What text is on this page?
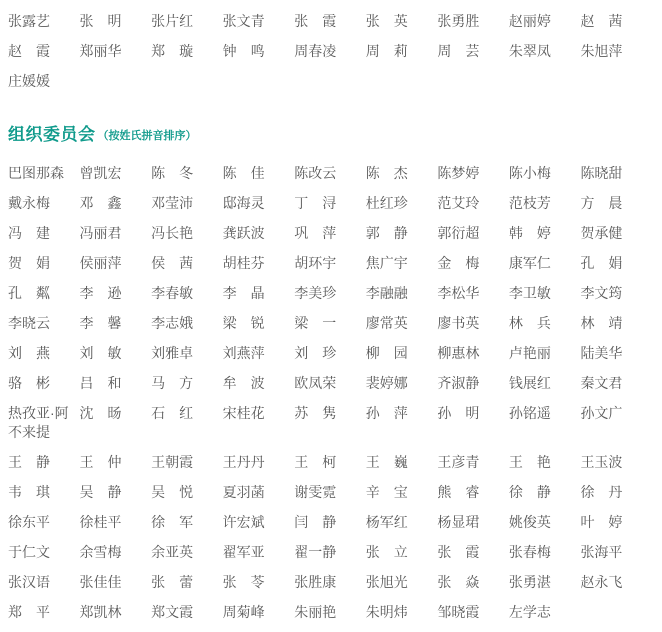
张露艺 张明 张片红 张文青 张霞 张英 张勇胜 赵丽婷 赵茜
赵霞 郑丽华 郑璇 钟鸣 周春凌 周莉 周芸 朱翠凤 朱旭萍
庄媛媛
组织委员会 （按姓氏拼音排序）
巴图那森	曾凯宏 陈冬 陈佳 陈改云 陈杰 陈梦婷 陈小梅 陈晓甜
戴永梅 邓鑫 邓莹沛 邸海灵 丁浔 杜红珍 范艾玲 范枝芳 方晨
冯建 冯丽君 冯长艳 龚跃波 巩萍 郭静 郭衍超 韩婷 贺承健
贺娟 侯丽萍 侯茜 胡桂芬 胡环宇 焦广宇 金梅 康军仁 孔娟
孔粼 李逊 李春敏 李晶 李美珍 李融融 李松华 李卫敏 李文筠
李晓云 李馨 李志娥 梁锐 梁一 廖常英 廖书英 林兵 林靖
刘燕 刘敏 刘雅卓 刘燕萍 刘珍 柳园 柳惠林 卢艳丽 陆美华
骆彬 吕和 马方 牟波 欧凤荣 裴婷娜 齐淑静 钱展红 秦文君
热孜亚·阿不来提
沈旸 石红 宋桂花 苏隽 孙萍 孙明 孙铭遥 孙文广
王静 王仲 王朝霞 王丹丹 王柯 王巍 王彦青 王艳 王玉波
韦琪 吴静 吴悦 夏羽菡 谢雯霓 辛宝 熊睿 徐静 徐丹
徐东平 徐桂平 徐军 许宏斌 闫静 杨军红 杨显珺 姚俊英 叶婷
于仁文 余雪梅 余亚英 翟军亚 翟一静 张立 张霞 张春梅 张海平
张汉语 张佳佳 张蕾 张苓 张胜康 张旭光 张焱 张勇湛 赵永飞
郑平 郑凯林 郑文霞 周菊峰 朱丽艳 朱明炜 邹晓霞 左学志
